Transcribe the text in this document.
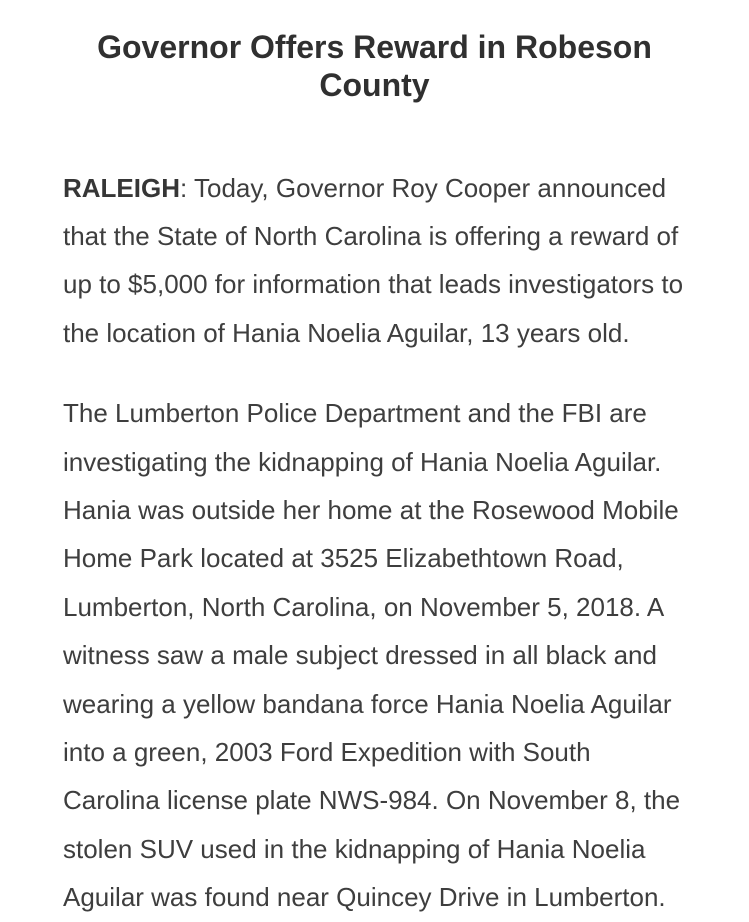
Governor Offers Reward in Robeson County

RALEIGH: Today, Governor Roy Cooper announced that the State of North Carolina is offering a reward of up to $5,000 for information that leads investigators to the location of Hania Noelia Aguilar, 13 years old.

The Lumberton Police Department and the FBI are investigating the kidnapping of Hania Noelia Aguilar. Hania was outside her home at the Rosewood Mobile Home Park located at 3525 Elizabethtown Road, Lumberton, North Carolina, on November 5, 2018. A witness saw a male subject dressed in all black and wearing a yellow bandana force Hania Noelia Aguilar into a green, 2003 Ford Expedition with South Carolina license plate NWS-984. On November 8, the stolen SUV used in the kidnapping of Hania Noelia Aguilar was found near Quincey Drive in Lumberton.
